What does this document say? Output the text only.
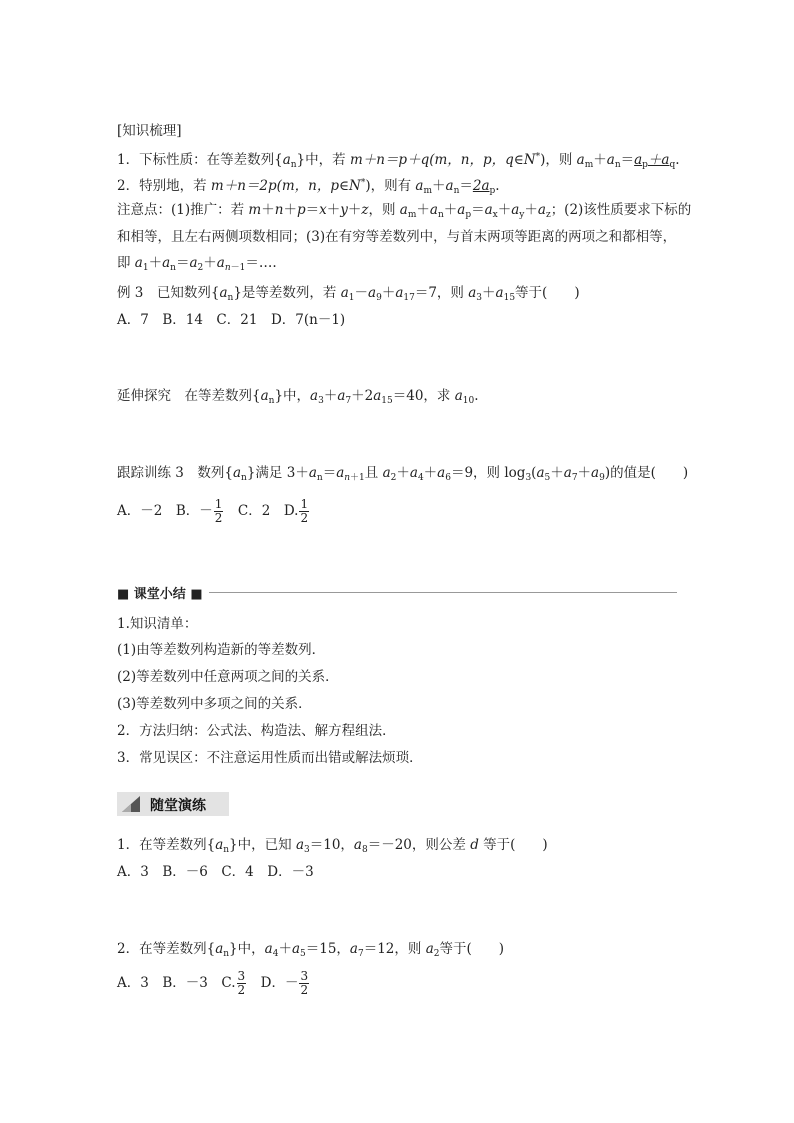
[知识梳理]
1．下标性质：在等差数列$\{a_n\}$中，若 m＋n＝p＋q(m，n，p，q∈N*)，则 $a_m+a_n=a_p+a_q$.
2．特别地，若 m＋n＝2p(m，n，p∈N*)，则有 $a_m+a_n=2a_p$.
注意点：(1)推广：若 m＋n＋p＝x＋y＋z，则 $a_m+a_n+a_p=a_x+a_y+a_z$；(2)该性质要求下标的
和相等，且左右两侧项数相同；(3)在有穷等差数列中，与首末两项等距离的两项之和都相等，
即 $a_1+a_n=a_2+a_{n-1}=\dots$.
例 3　已知数列$\{a_n\}$是等差数列，若 $a_1-a_9+a_{17}=7$，则 $a_3+a_{15}$等于(　　)
A．7　B．14　C．21　D．7(n－1)
延伸探究　在等差数列$\{a_n\}$中，$a_3+a_7+2a_{15}=40$，求 $a_{10}$.
跟踪训练 3　数列$\{a_n\}$满足 $3+a_n=a_{n+1}$且 $a_2+a_4+a_6=9$，则 $\log_3(a_5+a_7+a_9)$的值是(　　)
A．－2　B．－ $\frac{1}{2}$ 　C．2　D. $\frac{1}{2}$
■ 课堂小结 ■
1.知识清单：
(1)由等差数列构造新的等差数列．
(2)等差数列中任意两项之间的关系．
(3)等差数列中多项之间的关系．
2．方法归纳：公式法、构造法、解方程组法．
3．常见误区：不注意运用性质而出错或解法烦琐．
随堂演练
1．在等差数列$\{a_n\}$中，已知 $a_3=10$，$a_8=-20$，则公差 d 等于(　　)
A．3　B．－6　C．4　D．－3
2．在等差数列$\{a_n\}$中，$a_4+a_5=15$，$a_7=12$，则 $a_2$等于(　　)
A．3　B．－3　C. $\frac{3}{2}$ 　D．－ $\frac{3}{2}$
